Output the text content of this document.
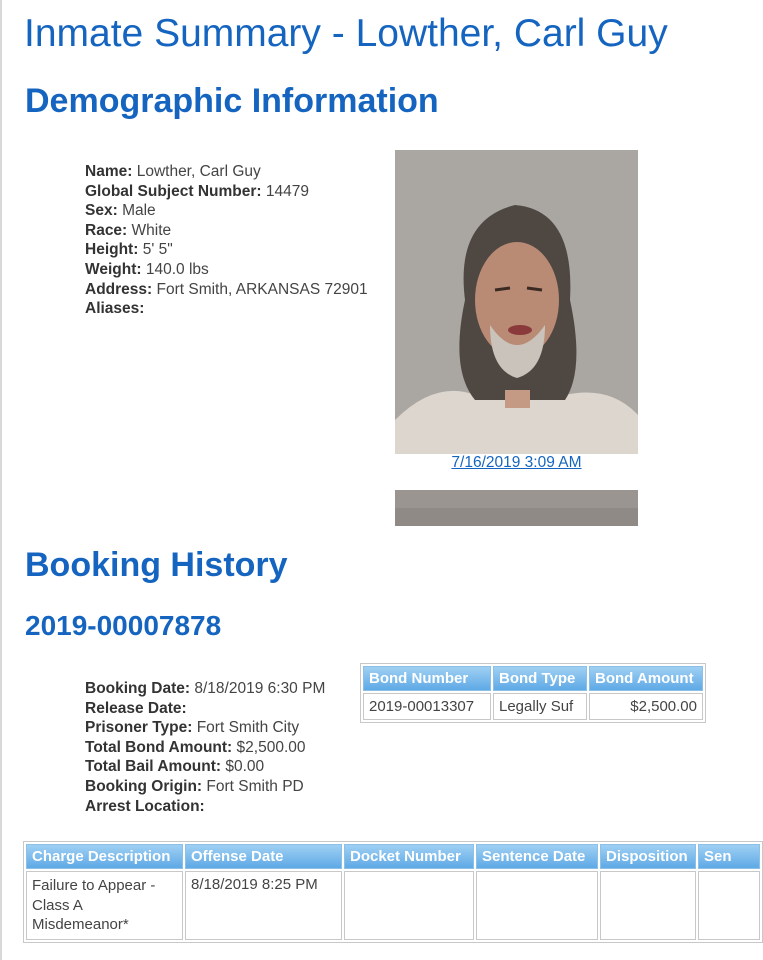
Inmate Summary - Lowther, Carl Guy
Demographic Information
Name: Lowther, Carl Guy
Global Subject Number: 14479
Sex: Male
Race: White
Height: 5' 5"
Weight: 140.0 lbs
Address: Fort Smith, ARKANSAS 72901
Aliases:
7/16/2019 3:09 AM
Booking History
2019-00007878
Booking Date: 8/18/2019 6:30 PM
Release Date:
Prisoner Type: Fort Smith City
Total Bond Amount: $2,500.00
Total Bail Amount: $0.00
Booking Origin: Fort Smith PD
Arrest Location:
Bond Number	Bond Type	Bond Amount
2019-00013307	Legally Suf	$2,500.00
Charge Description	Offense Date	Docket Number	Sentence Date	Disposition	Sen
Failure to Appear - Class A Misdemeanor*	8/18/2019 8:25 PM				
